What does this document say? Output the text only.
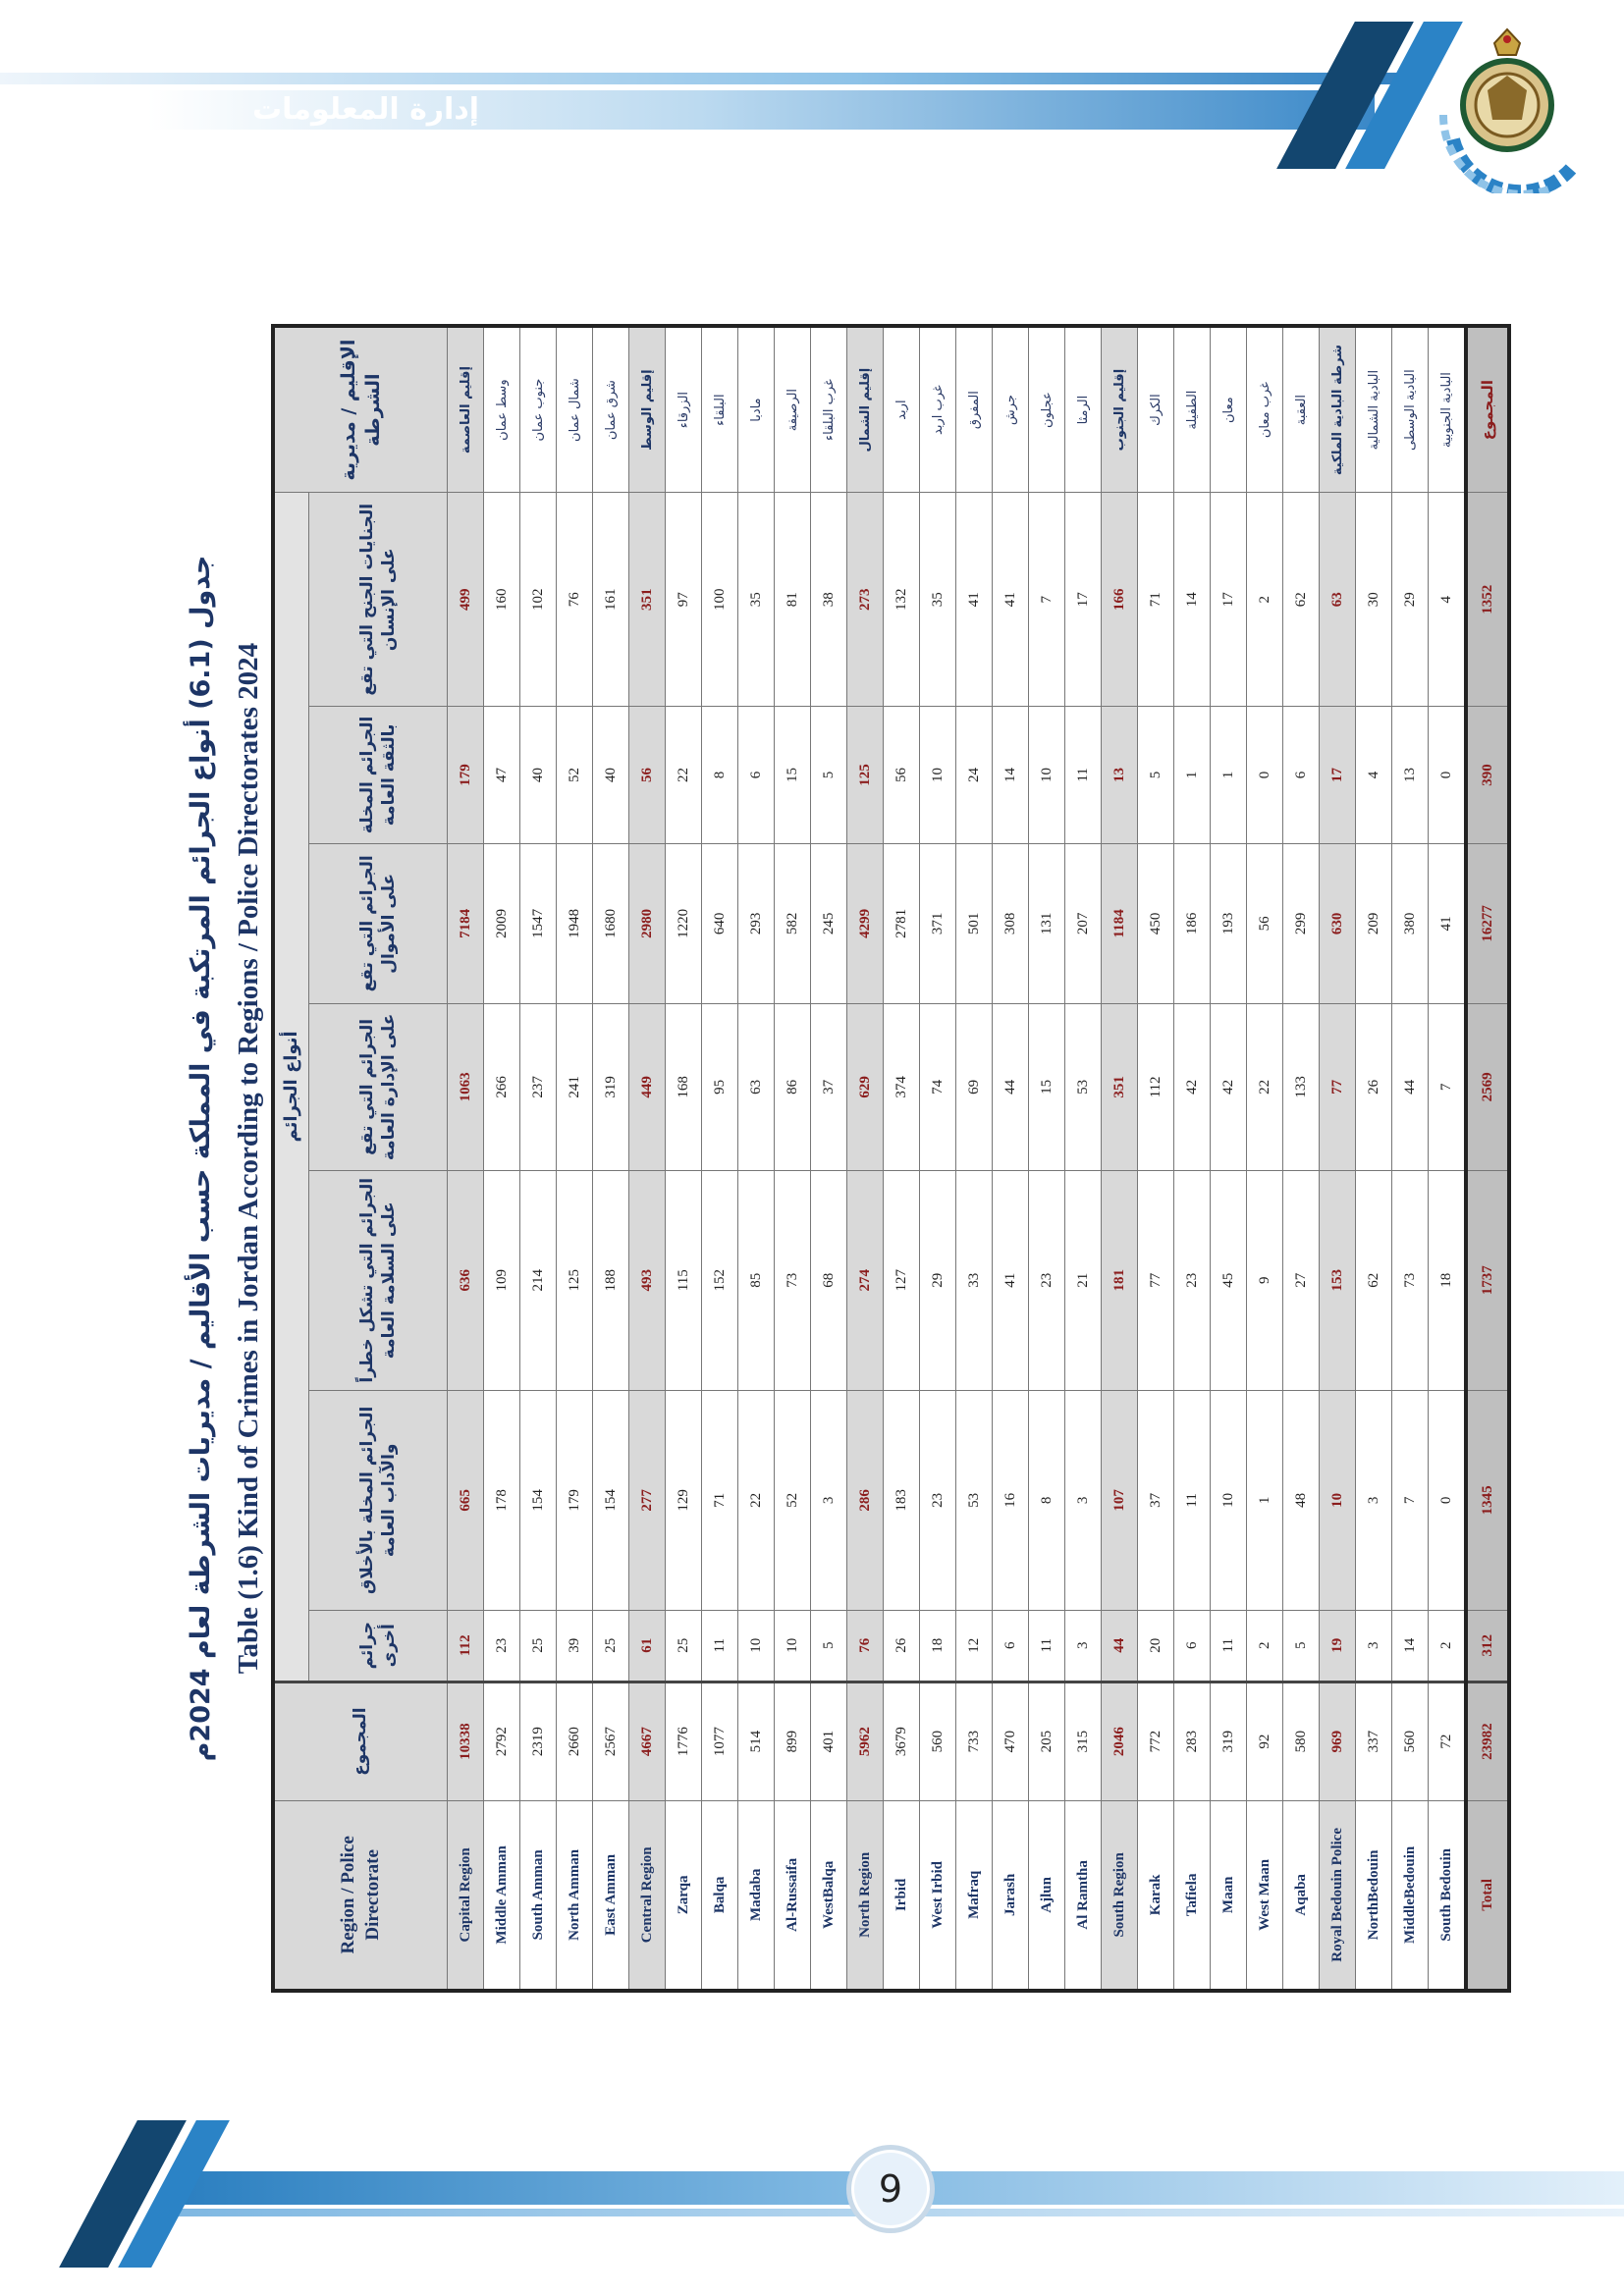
إدارة المعلومات الجنائية
جدول (6.1) أنواع الجرائم المرتكبة في المملكة حسب الأقاليم / مديريات الشرطة لعام 2024م
Table (1.6) Kind of Crimes in Jordan According to Regions / Police Directorates 2024
Region / Police Directorate	المجموع	أنواع الجرائم							الإقليم / مديرية الشرطة
		جرائم أخرى	الجرائم المخلة بالأخلاق والآداب العامة	الجرائم التي تشكل خطراً على السلامة العامة	الجرائم التي تقع على الإدارة العامة	الجرائم التي تقع على الأموال	الجرائم المخلة بالثقة العامة	الجنايات الجنح التي تقع على الإنسان	
Capital Region	10338	112	665	636	1063	7184	179	499	إقليم العاصمة
Middle Amman	2792	23	178	109	266	2009	47	160	وسط عمان
South Amman	2319	25	154	214	237	1547	40	102	جنوب عمان
North Amman	2660	39	179	125	241	1948	52	76	شمال عمان
East Amman	2567	25	154	188	319	1680	40	161	شرق عمان
Central Region	4667	61	277	493	449	2980	56	351	إقليم الوسط
Zarqa	1776	25	129	115	168	1220	22	97	الزرقاء
Balqa	1077	11	71	152	95	640	8	100	البلقاء
Madaba	514	10	22	85	63	293	6	35	مادبا
Al-Russaifa	899	10	52	73	86	582	15	81	الرصيفة
WestBalqa	401	5	3	68	37	245	5	38	غرب البلقاء
North Region	5962	76	286	274	629	4299	125	273	إقليم الشمال
Irbid	3679	26	183	127	374	2781	56	132	اربد
West Irbid	560	18	23	29	74	371	10	35	غرب اربد
Mafraq	733	12	53	33	69	501	24	41	المفرق
Jarash	470	6	16	41	44	308	14	41	جرش
Ajlun	205	11	8	23	15	131	10	7	عجلون
Al Ramtha	315	3	3	21	53	207	11	17	الرمثا
South Region	2046	44	107	181	351	1184	13	166	إقليم الجنوب
Karak	772	20	37	77	112	450	5	71	الكرك
Tafiela	283	6	11	23	42	186	1	14	الطفيلة
Maan	319	11	10	45	42	193	1	17	معان
West Maan	92	2	1	9	22	56	0	2	غرب معان
Aqaba	580	5	48	27	133	299	6	62	العقبة
Royal Bedouin Police	969	19	10	153	77	630	17	63	شرطة البادية الملكية
NorthBedouin	337	3	3	62	26	209	4	30	البادية الشمالية
MiddleBedouin	560	14	7	73	44	380	13	29	البادية الوسطى
South Bedouin	72	2	0	18	7	41	0	4	البادية الجنوبية
Total	23982	312	1345	1737	2569	16277	390	1352	المجموع
9
